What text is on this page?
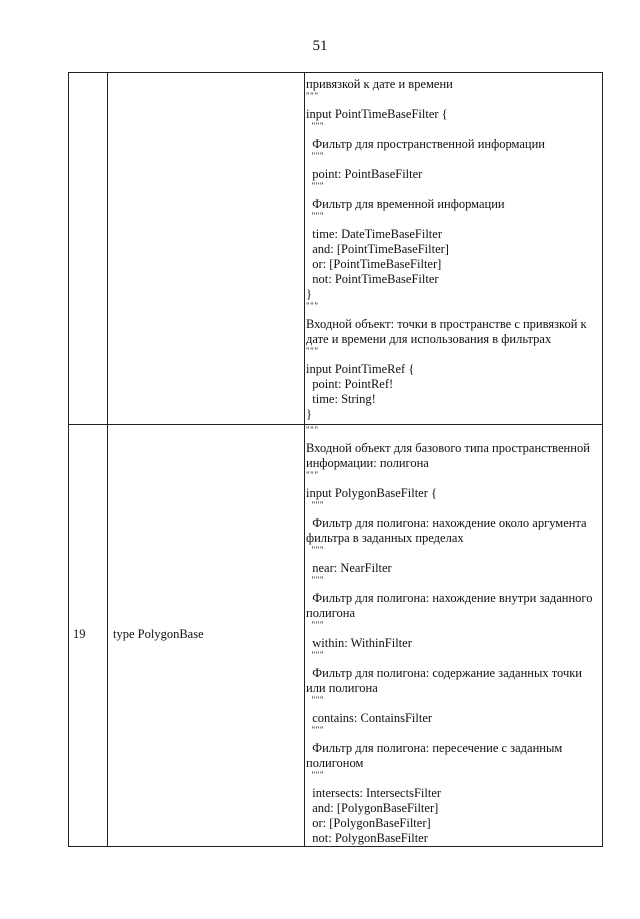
51
привязкой к дате и времени
"""
input PointTimeBaseFilter {
"""
Фильтр для пространственной информации
"""
point: PointBaseFilter
"""
Фильтр для временной информации
"""
time: DateTimeBaseFilter
and: [PointTimeBaseFilter]
or: [PointTimeBaseFilter]
not: PointTimeBaseFilter
}
"""
Входной объект: точки в пространстве с привязкой к дате и времени для использования в фильтрах
"""
input PointTimeRef {
point: PointRef!
time: String!
}
19 type PolygonBase
"""
Входной объект для базового типа пространственной информации: полигона
"""
input PolygonBaseFilter {
"""
Фильтр для полигона: нахождение около аргумента фильтра в заданных пределах
"""
near: NearFilter
"""
Фильтр для полигона: нахождение внутри заданного полигона
"""
within: WithinFilter
"""
Фильтр для полигона: содержание заданных точки или полигона
"""
contains: ContainsFilter
"""
Фильтр для полигона: пересечение с заданным полигоном
"""
intersects: IntersectsFilter
and: [PolygonBaseFilter]
or: [PolygonBaseFilter]
not: PolygonBaseFilter
